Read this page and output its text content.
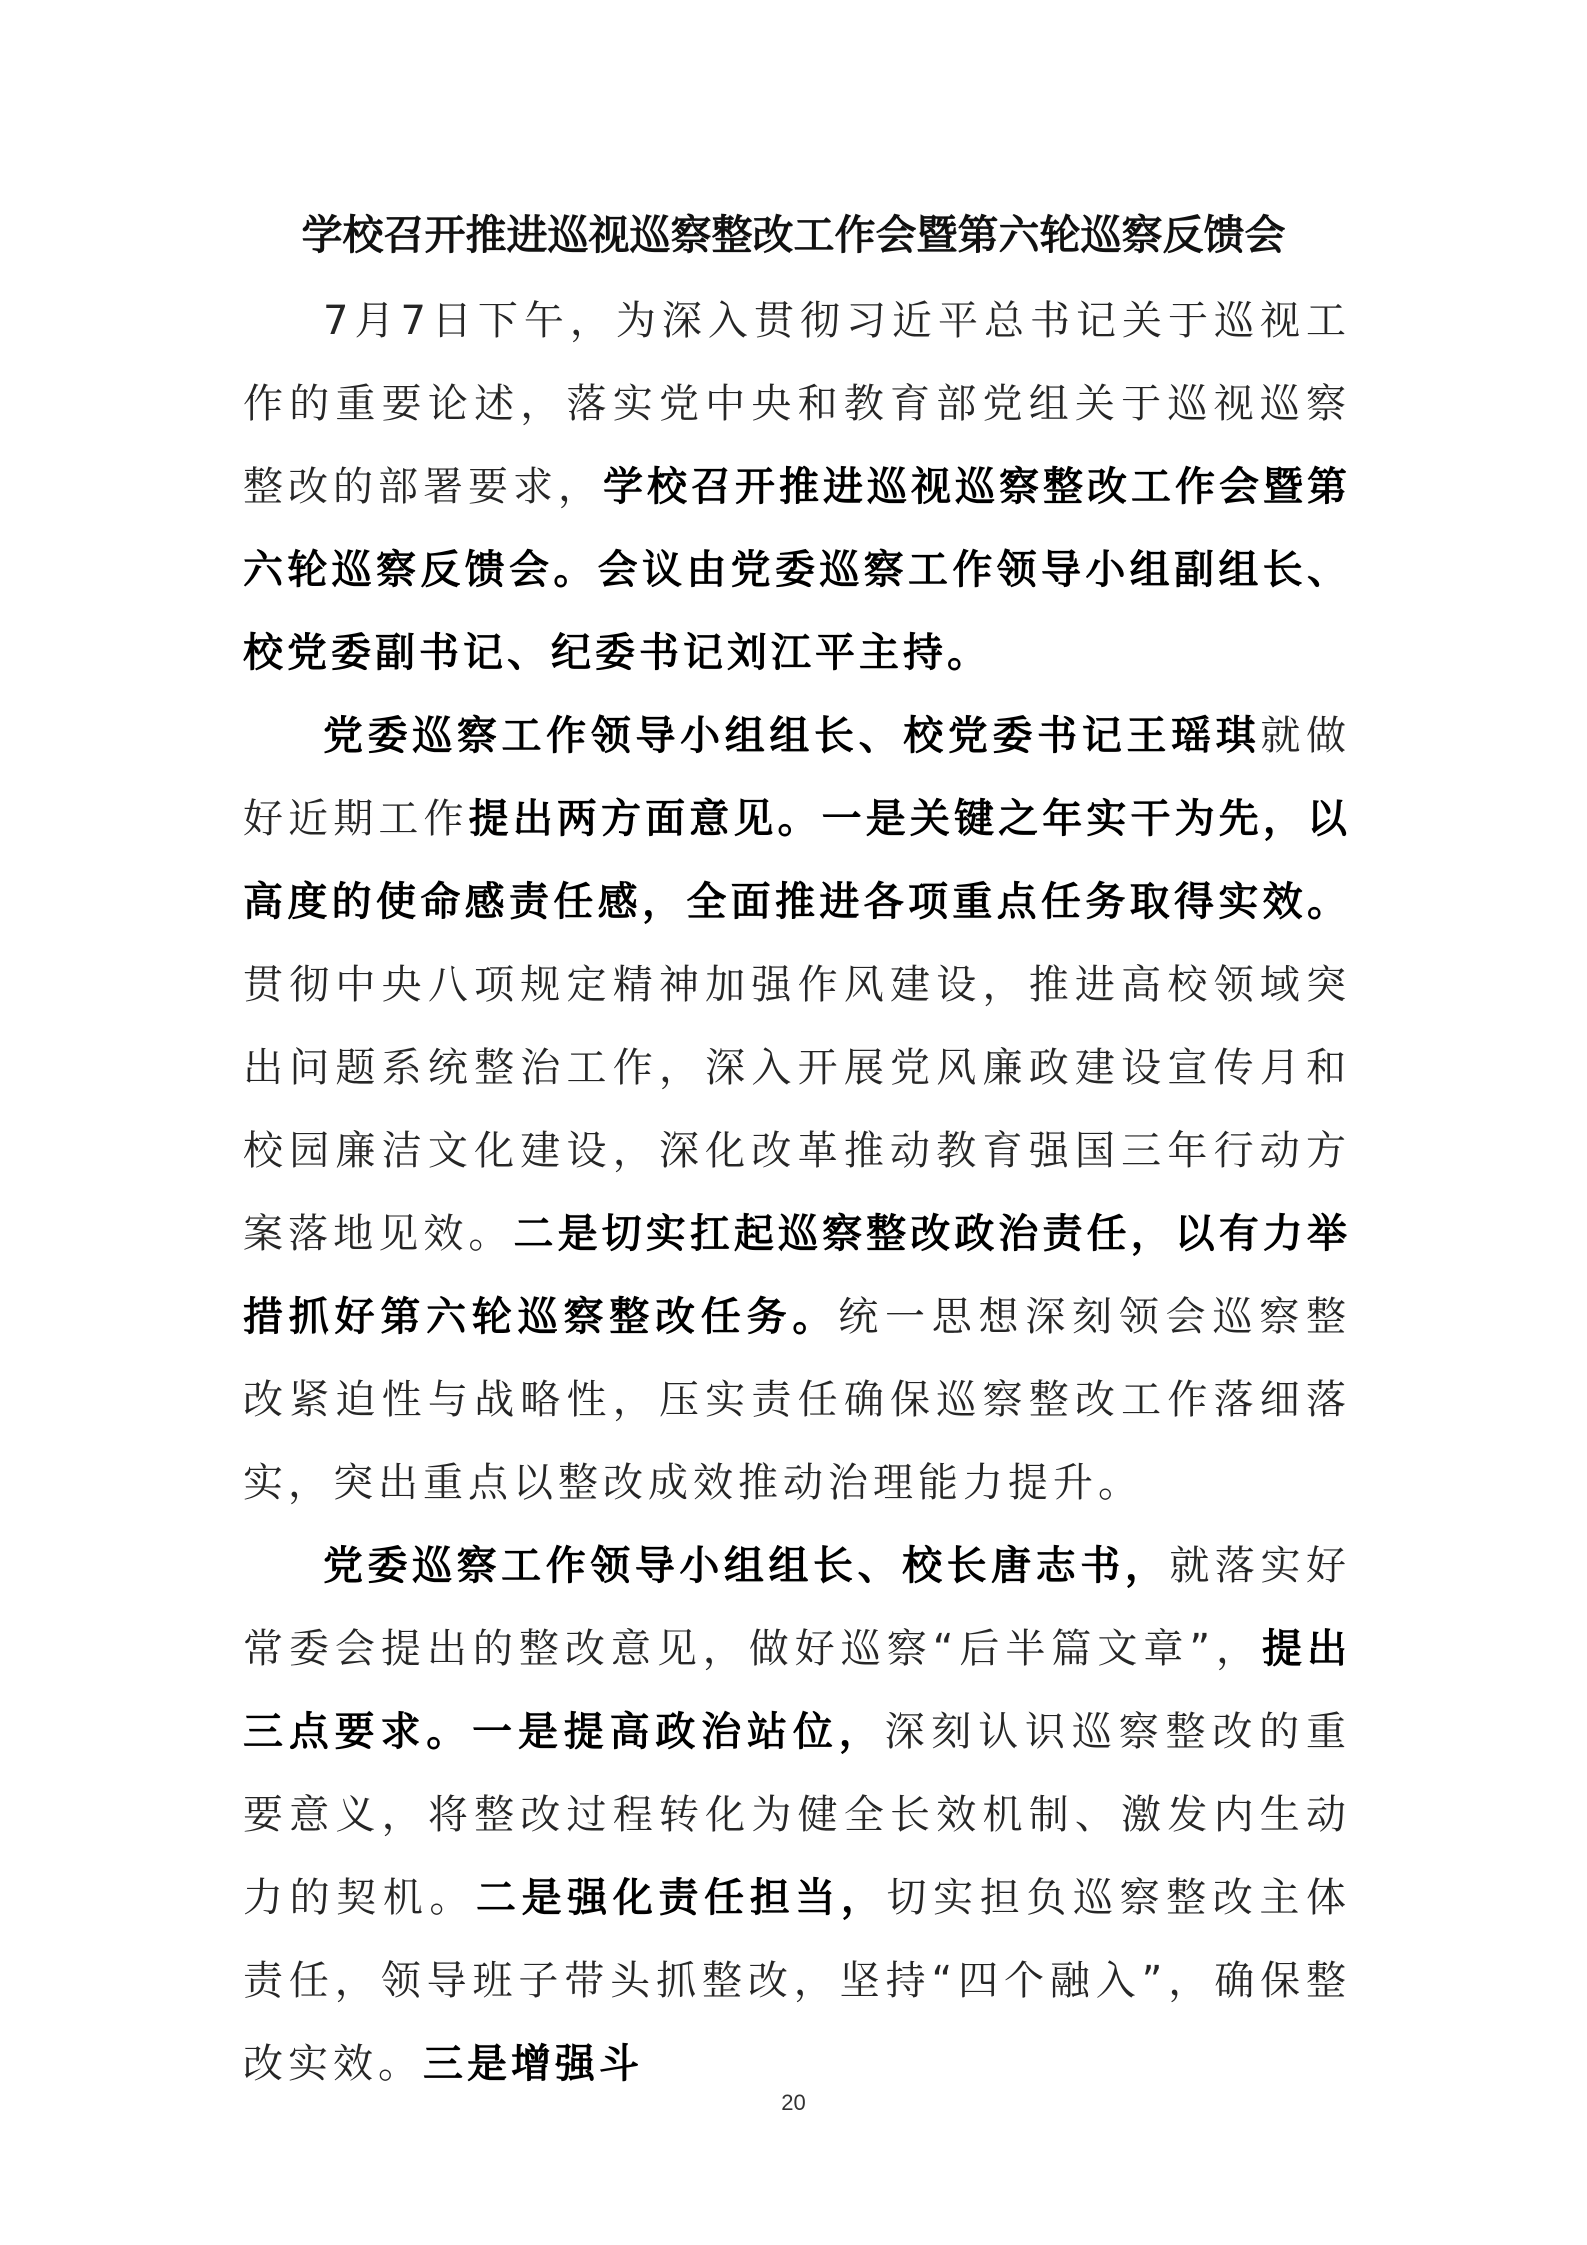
学校召开推进巡视巡察整改工作会暨第六轮巡察反馈会

7月7日下午，为深入贯彻习近平总书记关于巡视工作的重要论述，落实党中央和教育部党组关于巡视巡察整改的部署要求，学校召开推进巡视巡察整改工作会暨第六轮巡察反馈会。会议由党委巡察工作领导小组副组长、校党委副书记、纪委书记刘江平主持。

党委巡察工作领导小组组长、校党委书记王瑶琪就做好近期工作提出两方面意见。一是关键之年实干为先，以高度的使命感责任感，全面推进各项重点任务取得实效。贯彻中央八项规定精神加强作风建设，推进高校领域突出问题系统整治工作，深入开展党风廉政建设宣传月和校园廉洁文化建设，深化改革推动教育强国三年行动方案落地见效。二是切实扛起巡察整改政治责任，以有力举措抓好第六轮巡察整改任务。统一思想深刻领会巡察整改紧迫性与战略性，压实责任确保巡察整改工作落细落实，突出重点以整改成效推动治理能力提升。

党委巡察工作领导小组组长、校长唐志书，就落实好常委会提出的整改意见，做好巡察“后半篇文章”，提出三点要求。一是提高政治站位，深刻认识巡察整改的重要意义，将整改过程转化为健全长效机制、激发内生动力的契机。二是强化责任担当，切实担负巡察整改主体责任，领导班子带头抓整改，坚持“四个融入”，确保整改实效。三是增强斗

20
